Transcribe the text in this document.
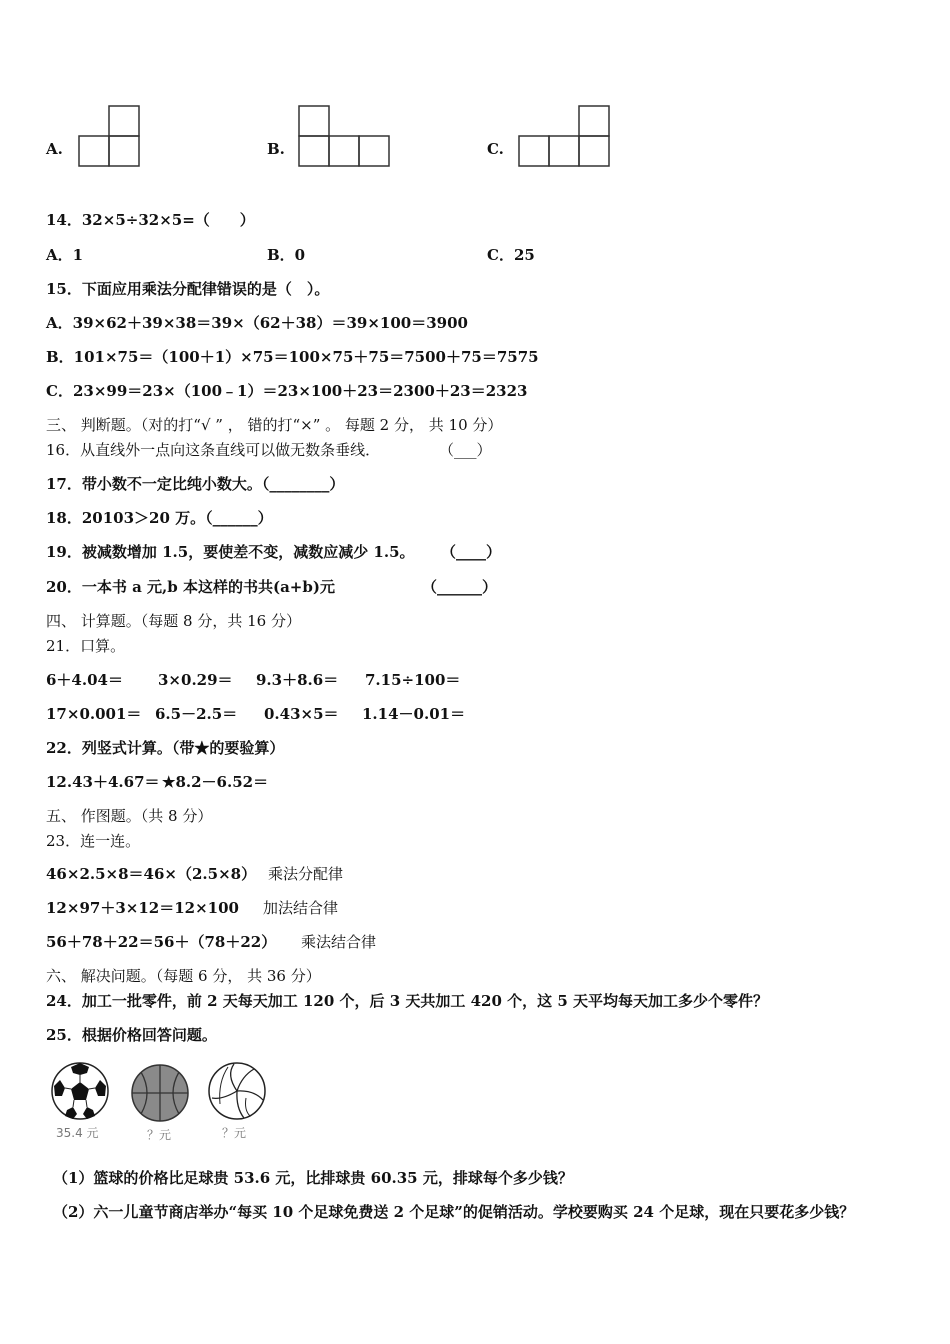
A.	B.	C.
14．32×5÷32×5=（　　）
A．1	B．0	C．25
15．下面应用乘法分配律错误的是（　）。
A．39×62＋39×38＝39×（62＋38）＝39×100＝3900
B．101×75＝（100＋1）×75＝100×75＋75＝7500＋75＝7575
C．23×99＝23×（100﹣1）＝23×100＋23＝2300＋23＝2323
三、 判断题。（对的打“√ ” ， 错的打“×” 。 每题 2 分， 共 10 分）
16．从直线外一点向这条直线可以做无数条垂线．	（___）
17．带小数不一定比纯小数大。（________）
18．20103＞20 万。（______）
19．被减数增加 1.5，要使差不变，减数应减少 1.5。 （____）
20．一本书 a 元,b 本这样的书共(a+b)元	（______）
四、 计算题。（每题 8 分，共 16 分）
21．口算。
6＋4.04＝ 3×0.29＝ 9.3＋8.6＝ 7.15÷100＝
17×0.001＝ 6.5－2.5＝ 0.43×5＝ 1.14－0.01＝
22．列竖式计算。（带★的要验算）
12.43＋4.67＝ ★8.2－6.52＝
五、 作图题。（共 8 分）
23．连一连。
46×2.5×8＝46×（2.5×8） 乘法分配律
12×97＋3×12＝12×100 加法结合律
56＋78＋22＝56＋（78＋22） 乘法结合律
六、 解决问题。（每题 6 分， 共 36 分）
24．加工一批零件，前 2 天每天加工 120 个，后 3 天共加工 420 个，这 5 天平均每天加工多少个零件？
25．根据价格回答问题。
35.4 元	？元	？元
（1）篮球的价格比足球贵 53.6 元，比排球贵 60.35 元，排球每个多少钱？
（2）六一儿童节商店举办“每买 10 个足球免费送 2 个足球”的促销活动。学校要购买 24 个足球，现在只要花多少钱？
